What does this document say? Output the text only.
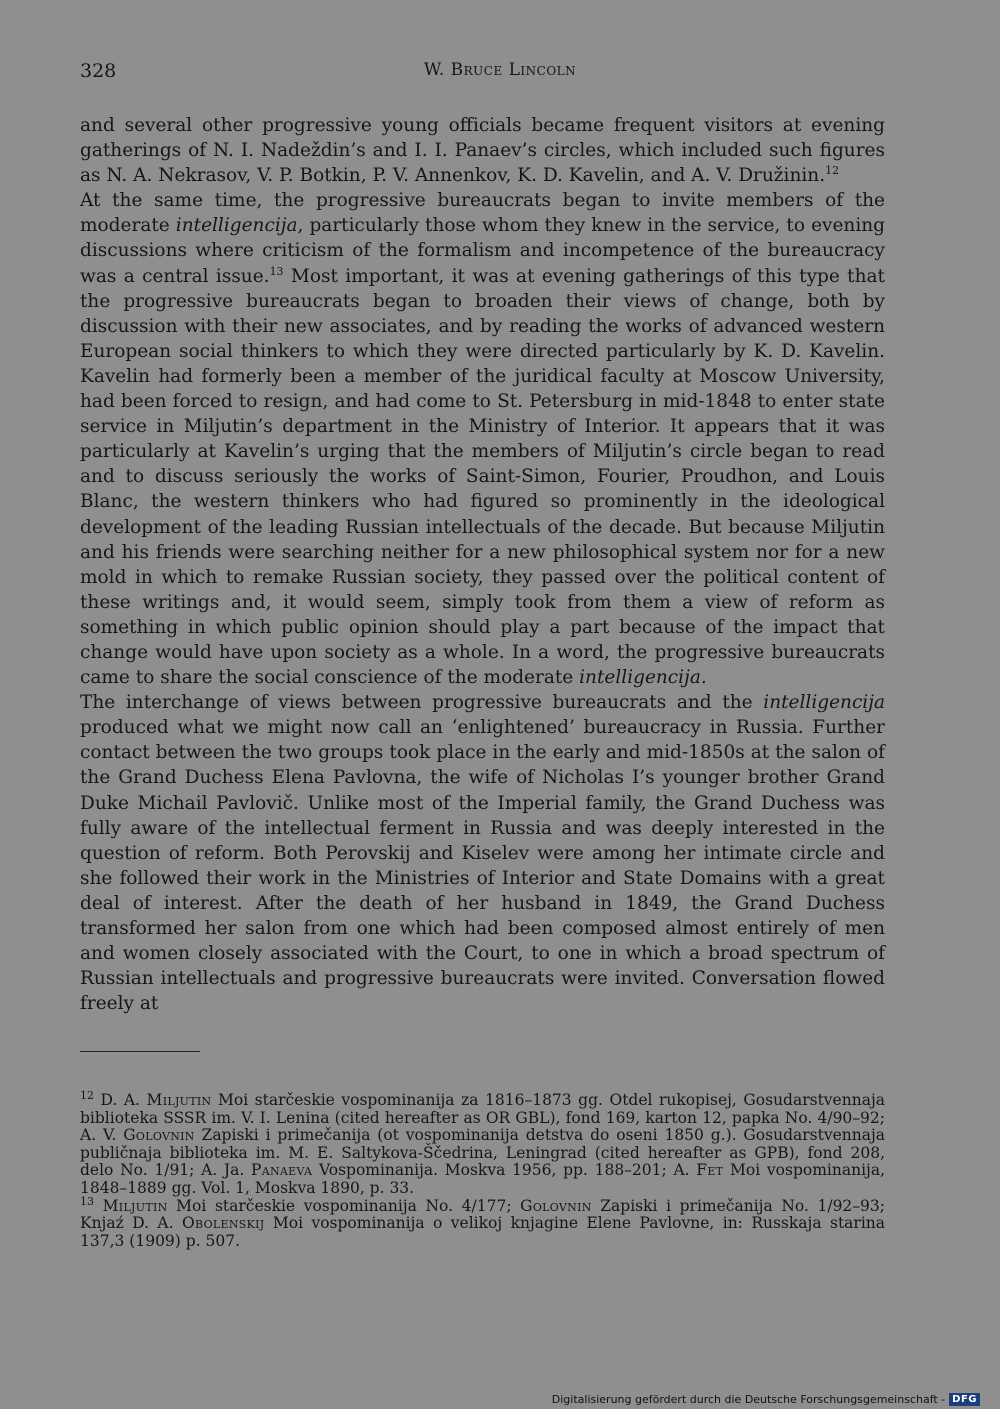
328	W. Bruce Lincoln

and several other progressive young officials became frequent visitors at evening gatherings of N. I. Nadeždin’s and I. I. Panaev’s circles, which included such figures as N. A. Nekrasov, V. P. Botkin, P. V. Annenkov, K. D. Kavelin, and A. V. Družinin.$^{12}$

At the same time, the progressive bureaucrats began to invite members of the moderate intelligencija, particularly those whom they knew in the service, to evening discussions where criticism of the formalism and incompetence of the bureaucracy was a central issue.$^{13}$ Most important, it was at evening gatherings of this type that the progressive bureaucrats began to broaden their views of change, both by discussion with their new associates, and by reading the works of advanced western European social thinkers to which they were directed particularly by K. D. Kavelin. Kavelin had formerly been a member of the juridical faculty at Moscow University, had been forced to resign, and had come to St. Petersburg in mid-1848 to enter state service in Miljutin’s department in the Ministry of Interior. It appears that it was particularly at Kavelin’s urging that the members of Miljutin’s circle began to read and to discuss seriously the works of Saint-Simon, Fourier, Proudhon, and Louis Blanc, the western thinkers who had figured so prominently in the ideological development of the leading Russian intellectuals of the decade. But because Miljutin and his friends were searching neither for a new philosophical system nor for a new mold in which to remake Russian society, they passed over the political content of these writings and, it would seem, simply took from them a view of reform as something in which public opinion should play a part because of the impact that change would have upon society as a whole. In a word, the progressive bureaucrats came to share the social conscience of the moderate intelligencija.

The interchange of views between progressive bureaucrats and the intelligencija produced what we might now call an ‘enlightened’ bureaucracy in Russia. Further contact between the two groups took place in the early and mid-1850s at the salon of the Grand Duchess Elena Pavlovna, the wife of Nicholas I’s younger brother Grand Duke Michail Pavlovič. Unlike most of the Imperial family, the Grand Duchess was fully aware of the intellectual ferment in Russia and was deeply interested in the question of reform. Both Perovskij and Kiselev were among her intimate circle and she followed their work in the Ministries of Interior and State Domains with a great deal of interest. After the death of her husband in 1849, the Grand Duchess transformed her salon from one which had been composed almost entirely of men and women closely associated with the Court, to one in which a broad spectrum of Russian intellectuals and progressive bureaucrats were invited. Conversation flowed freely at

$^{12}$ D. A. Miljutin Moi starčeskie vospominanija za 1816–1873 gg. Otdel rukopisej, Gosudarstvennaja biblioteka SSSR im. V. I. Lenina (cited hereafter as OR GBL), fond 169, karton 12, papka No. 4/90–92; A. V. Golovnin Zapiski i primečanija (ot vospominanija detstva do oseni 1850 g.). Gosudarstvennaja publičnaja biblioteka im. M. E. Saltykova-Ščedrina, Leningrad (cited hereafter as GPB), fond 208, delo No. 1/91; A. Ja. Panaeva Vospominanija. Moskva 1956, pp. 188–201; A. Fet Moi vospominanija, 1848–1889 gg. Vol. 1, Moskva 1890, p. 33.

$^{13}$ Miljutin Moi starčeskie vospominanija No. 4/177; Golovnin Zapiski i primečanija No. 1/92–93; Knjaź D. A. Obolenskij Moi vospominanija o velikoj knjagine Elene Pavlovne, in: Russkaja starina 137,3 (1909) p. 507.

Digitalisierung gefördert durch die Deutsche Forschungsgemeinschaft - DFG
